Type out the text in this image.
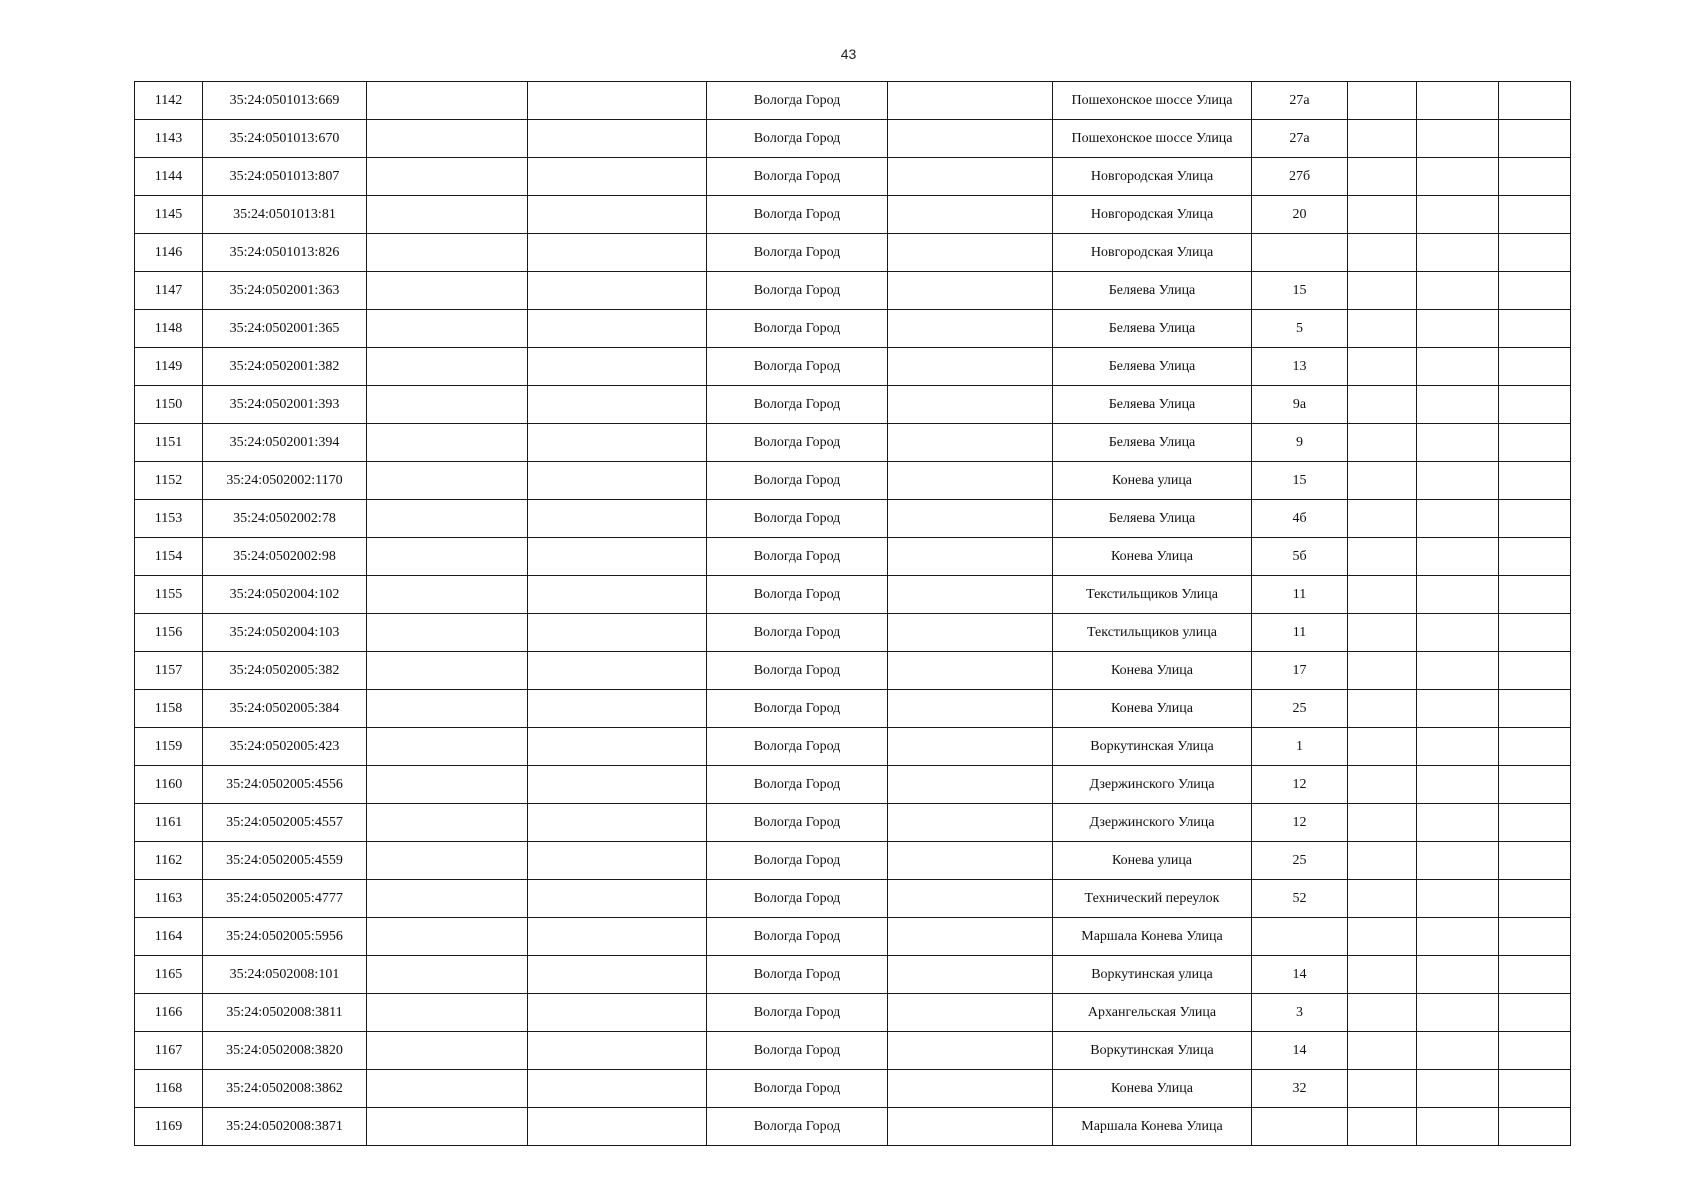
43
1142	35:24:0501013:669			Вологда Город		Пошехонское шоссе Улица	27а			
1143	35:24:0501013:670			Вологда Город		Пошехонское шоссе Улица	27а			
1144	35:24:0501013:807			Вологда Город		Новгородская Улица	27б			
1145	35:24:0501013:81			Вологда Город		Новгородская Улица	20			
1146	35:24:0501013:826			Вологда Город		Новгородская Улица				
1147	35:24:0502001:363			Вологда Город		Беляева Улица	15			
1148	35:24:0502001:365			Вологда Город		Беляева Улица	5			
1149	35:24:0502001:382			Вологда Город		Беляева Улица	13			
1150	35:24:0502001:393			Вологда Город		Беляева Улица	9а			
1151	35:24:0502001:394			Вологда Город		Беляева Улица	9			
1152	35:24:0502002:1170			Вологда Город		Конева улица	15			
1153	35:24:0502002:78			Вологда Город		Беляева Улица	4б			
1154	35:24:0502002:98			Вологда Город		Конева Улица	5б			
1155	35:24:0502004:102			Вологда Город		Текстильщиков Улица	11			
1156	35:24:0502004:103			Вологда Город		Текстильщиков улица	11			
1157	35:24:0502005:382			Вологда Город		Конева Улица	17			
1158	35:24:0502005:384			Вологда Город		Конева Улица	25			
1159	35:24:0502005:423			Вологда Город		Воркутинская Улица	1			
1160	35:24:0502005:4556			Вологда Город		Дзержинского Улица	12			
1161	35:24:0502005:4557			Вологда Город		Дзержинского Улица	12			
1162	35:24:0502005:4559			Вологда Город		Конева улица	25			
1163	35:24:0502005:4777			Вологда Город		Технический переулок	52			
1164	35:24:0502005:5956			Вологда Город		Маршала Конева Улица				
1165	35:24:0502008:101			Вологда Город		Воркутинская улица	14			
1166	35:24:0502008:3811			Вологда Город		Архангельская Улица	3			
1167	35:24:0502008:3820			Вологда Город		Воркутинская Улица	14			
1168	35:24:0502008:3862			Вологда Город		Конева Улица	32			
1169	35:24:0502008:3871			Вологда Город		Маршала Конева Улица				
